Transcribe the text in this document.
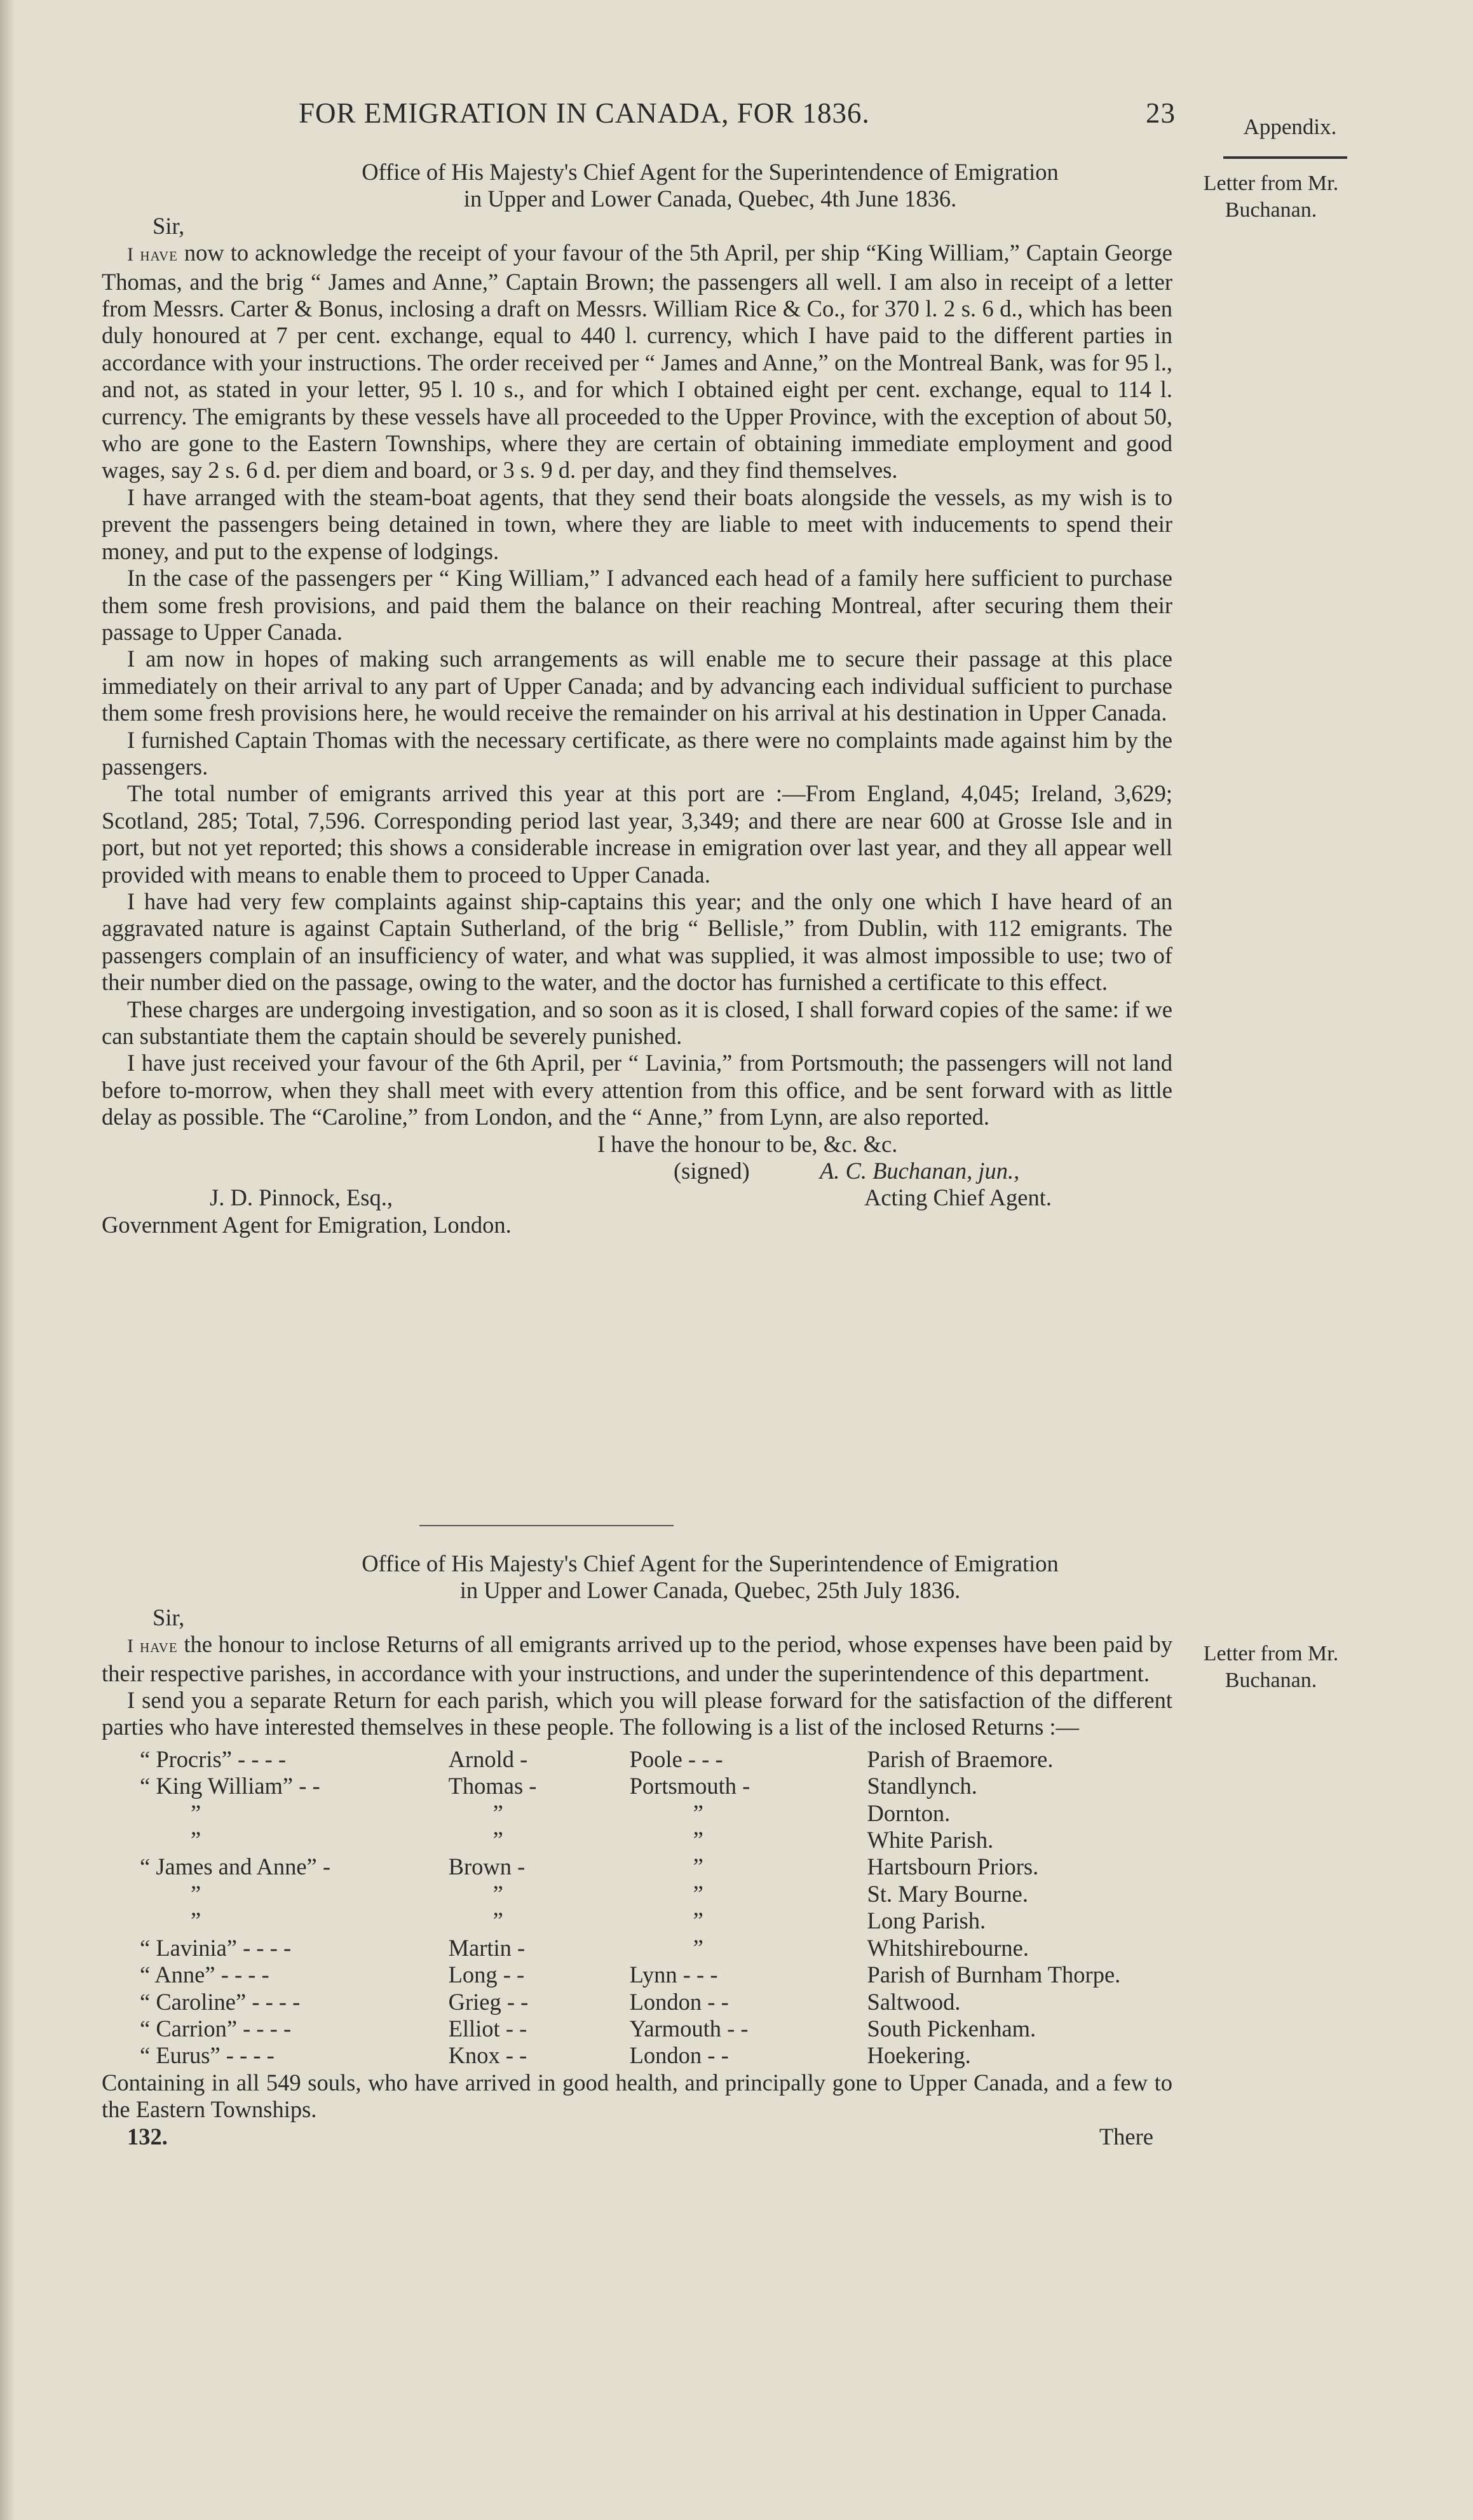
FOR EMIGRATION IN CANADA, FOR 1836.	23	Appendix.
Letter from Mr. Buchanan.
Letter from Mr. Buchanan.
Office of His Majesty's Chief Agent for the Superintendence of Emigration
in Upper and Lower Canada, Quebec, 4th June 1836.
Sir,

I have now to acknowledge the receipt of your favour of the 5th April, per ship “King William,” Captain George Thomas, and the brig “ James and Anne,” Captain Brown; the passengers all well. I am also in receipt of a letter from Messrs. Carter & Bonus, inclosing a draft on Messrs. William Rice & Co., for 370 l. 2 s. 6 d., which has been duly honoured at 7 per cent. exchange, equal to 440 l. currency, which I have paid to the different parties in accordance with your instructions. The order received per “ James and Anne,” on the Montreal Bank, was for 95 l., and not, as stated in your letter, 95 l. 10 s., and for which I obtained eight per cent. exchange, equal to 114 l. currency. The emigrants by these vessels have all proceeded to the Upper Province, with the exception of about 50, who are gone to the Eastern Townships, where they are certain of obtaining immediate employment and good wages, say 2 s. 6 d. per diem and board, or 3 s. 9 d. per day, and they find themselves.

I have arranged with the steam-boat agents, that they send their boats alongside the vessels, as my wish is to prevent the passengers being detained in town, where they are liable to meet with inducements to spend their money, and put to the expense of lodgings.

In the case of the passengers per “ King William,” I advanced each head of a family here sufficient to purchase them some fresh provisions, and paid them the balance on their reaching Montreal, after securing them their passage to Upper Canada.

I am now in hopes of making such arrangements as will enable me to secure their passage at this place immediately on their arrival to any part of Upper Canada; and by advancing each individual sufficient to purchase them some fresh provisions here, he would receive the remainder on his arrival at his destination in Upper Canada.

I furnished Captain Thomas with the necessary certificate, as there were no complaints made against him by the passengers.

The total number of emigrants arrived this year at this port are :—From England, 4,045; Ireland, 3,629; Scotland, 285; Total, 7,596. Corresponding period last year, 3,349; and there are near 600 at Grosse Isle and in port, but not yet reported; this shows a considerable increase in emigration over last year, and they all appear well provided with means to enable them to proceed to Upper Canada.

I have had very few complaints against ship-captains this year; and the only one which I have heard of an aggravated nature is against Captain Sutherland, of the brig “ Bellisle,” from Dublin, with 112 emigrants. The passengers complain of an insufficiency of water, and what was supplied, it was almost impossible to use; two of their number died on the passage, owing to the water, and the doctor has furnished a certificate to this effect.

These charges are undergoing investigation, and so soon as it is closed, I shall forward copies of the same: if we can substantiate them the captain should be severely punished.

I have just received your favour of the 6th April, per “ Lavinia,” from Portsmouth; the passengers will not land before to-morrow, when they shall meet with every attention from this office, and be sent forward with as little delay as possible. The “Caroline,” from London, and the “ Anne,” from Lynn, are also reported.

I have the honour to be, &c. &c.
(signed)	A. C. Buchanan, jun.,
J. D. Pinnock, Esq.,	Acting Chief Agent.
Government Agent for Emigration, London.
Office of His Majesty's Chief Agent for the Superintendence of Emigration
in Upper and Lower Canada, Quebec, 25th July 1836.
Sir,

I have the honour to inclose Returns of all emigrants arrived up to the period, whose expenses have been paid by their respective parishes, in accordance with your instructions, and under the superintendence of this department.

I send you a separate Return for each parish, which you will please forward for the satisfaction of the different parties who have interested themselves in these people. The following is a list of the inclosed Returns :—

“ Procris” - - - -	Arnold -	Poole - - -	Parish of Braemore.
“ King William” - -	Thomas -	Portsmouth -	Standlynch.
”	”	”	Dornton.
”	”	”	White Parish.
“ James and Anne” -	Brown -	”	Hartsbourn Priors.
”	”	”	St. Mary Bourne.
”	”	”	Long Parish.
“ Lavinia” - - - -	Martin -	”	Whitshirebourne.
“ Anne” - - - -	Long - -	Lynn - - -	Parish of Burnham Thorpe.
“ Caroline” - - - -	Grieg - -	London - -	Saltwood.
“ Carrion” - - - -	Elliot - -	Yarmouth - -	South Pickenham.
“ Eurus” - - - -	Knox - -	London - -	Hoekering.

Containing in all 549 souls, who have arrived in good health, and principally gone to Upper Canada, and a few to the Eastern Townships.

132.	There
